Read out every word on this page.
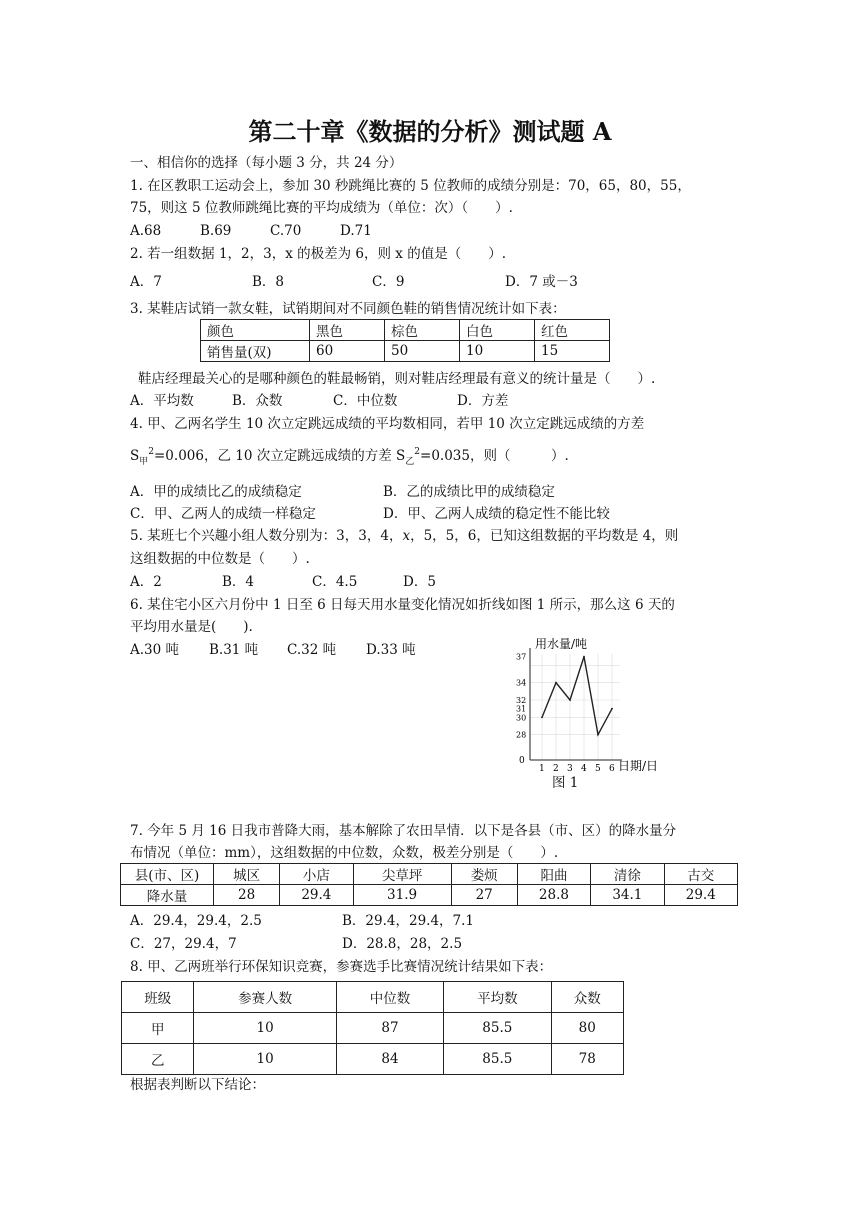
第二十章《数据的分析》测试题 A
一、相信你的选择（每小题 3 分，共 24 分）
1. 在区教职工运动会上，参加 30 秒跳绳比赛的 5 位教师的成绩分别是：70，65，80，55，
75，则这 5 位教师跳绳比赛的平均成绩为（单位：次）（　　）.
A.68	B.69	C.70	D.71
2. 若一组数据 1，2，3，x 的极差为 6，则 x 的值是（　　）.
A．7	B．8	C．9	D．7 或－3
3. 某鞋店试销一款女鞋，试销期间对不同颜色鞋的销售情况统计如下表：
颜色	黑色	棕色	白色	红色
销售量(双)	60	50	10	15
鞋店经理最关心的是哪种颜色的鞋最畅销，则对鞋店经理最有意义的统计量是（　　）.
A．平均数	B．众数	C．中位数	D．方差
4. 甲、乙两名学生 10 次立定跳远成绩的平均数相同，若甲 10 次立定跳远成绩的方差
$S_甲^2=0.006$，乙 10 次立定跳远成绩的方差 $S_乙^2=0.035$，则（　　　）.
A．甲的成绩比乙的成绩稳定	B．乙的成绩比甲的成绩稳定
C．甲、乙两人的成绩一样稳定	D．甲、乙两人成绩的稳定性不能比较
5. 某班七个兴趣小组人数分别为：3，3，4，x，5，5，6，已知这组数据的平均数是 4，则
这组数据的中位数是（　　）.
A．2	B．4	C．4.5	D．5
6. 某住宅小区六月份中 1 日至 6 日每天用水量变化情况如折线如图 1 所示，那么这 6 天的
平均用水量是(　　).
A.30 吨 B.31 吨 C.32 吨 D.33 吨
1 2 3 4 5 6
28
30
31
32
34
37
用水量/吨
日期/日
0
图 1
7. 今年 5 月 16 日我市普降大雨，基本解除了农田旱情．以下是各县（市、区）的降水量分
布情况（单位：mm），这组数据的中位数，众数，极差分别是（　　）.
县(市、区)	城区	小店	尖草坪	娄烦	阳曲	清徐	古交
降水量	28	29.4	31.9	27	28.8	34.1	29.4
A．29.4，29.4，2.5	B．29.4，29.4，7.1
C．27，29.4，7	D．28.8，28，2.5
8. 甲、乙两班举行环保知识竞赛，参赛选手比赛情况统计结果如下表：
班级	参赛人数	中位数	平均数	众数
甲	10	87	85.5	80
乙	10	84	85.5	78
根据表判断以下结论：
